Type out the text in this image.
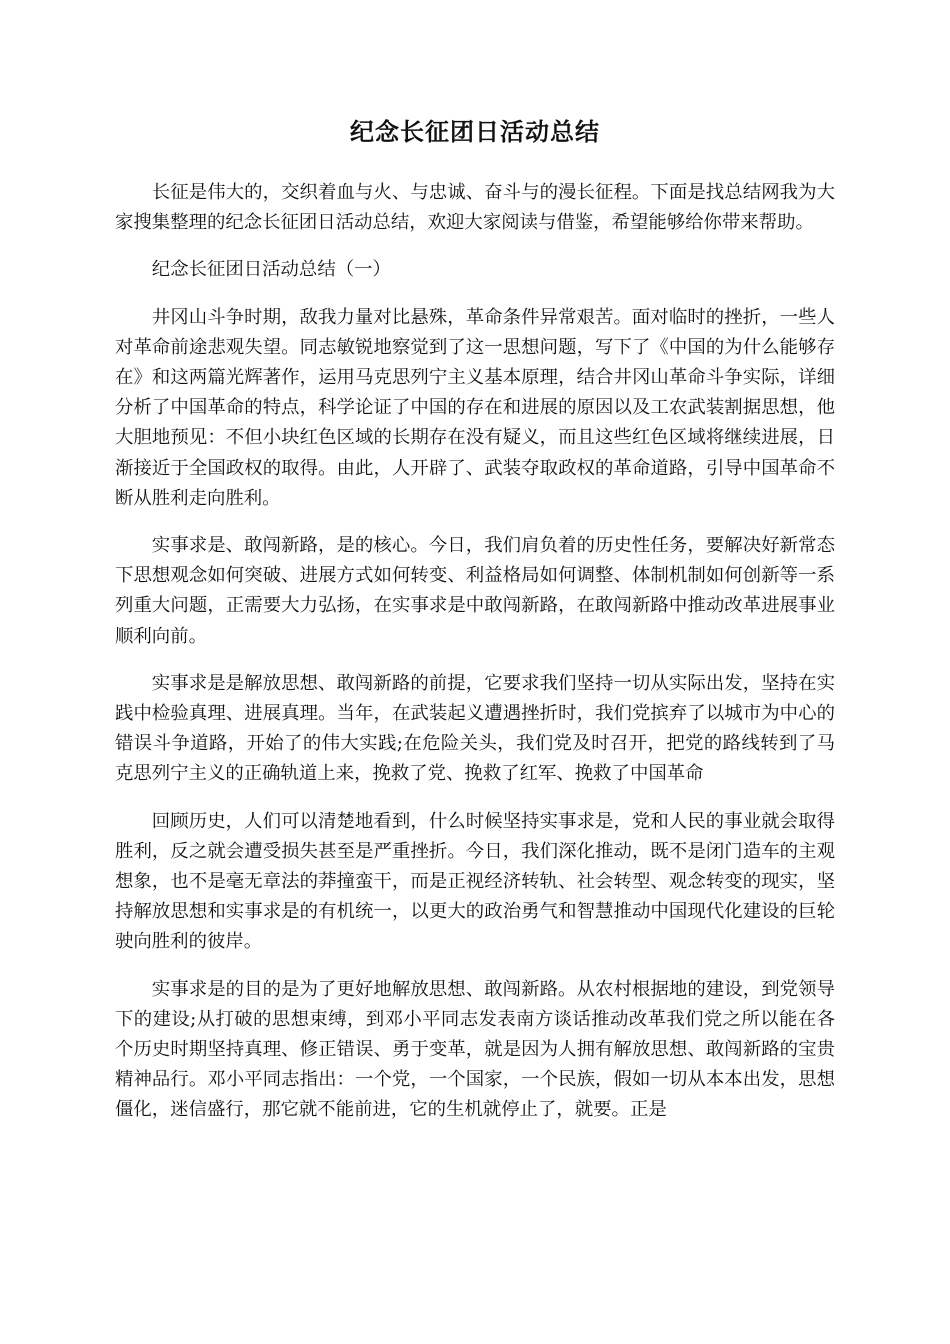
纪念长征团日活动总结

长征是伟大的，交织着血与火、与忠诚、奋斗与的漫长征程。下面是找总结网我为大家搜集整理的纪念长征团日活动总结，欢迎大家阅读与借鉴，希望能够给你带来帮助。

纪念长征团日活动总结（一）

井冈山斗争时期，敌我力量对比悬殊，革命条件异常艰苦。面对临时的挫折，一些人对革命前途悲观失望。同志敏锐地察觉到了这一思想问题，写下了《中国的为什么能够存在》和这两篇光辉著作，运用马克思列宁主义基本原理，结合井冈山革命斗争实际，详细分析了中国革命的特点，科学论证了中国的存在和进展的原因以及工农武装割据思想，他大胆地预见：不但小块红色区域的长期存在没有疑义，而且这些红色区域将继续进展，日渐接近于全国政权的取得。由此，人开辟了、武装夺取政权的革命道路，引导中国革命不断从胜利走向胜利。

实事求是、敢闯新路，是的核心。今日，我们肩负着的历史性任务，要解决好新常态下思想观念如何突破、进展方式如何转变、利益格局如何调整、体制机制如何创新等一系列重大问题，正需要大力弘扬，在实事求是中敢闯新路，在敢闯新路中推动改革进展事业顺利向前。

实事求是是解放思想、敢闯新路的前提，它要求我们坚持一切从实际出发，坚持在实践中检验真理、进展真理。当年，在武装起义遭遇挫折时，我们党摈弃了以城市为中心的错误斗争道路，开始了的伟大实践;在危险关头，我们党及时召开，把党的路线转到了马克思列宁主义的正确轨道上来，挽救了党、挽救了红军、挽救了中国革命

回顾历史，人们可以清楚地看到，什么时候坚持实事求是，党和人民的事业就会取得胜利，反之就会遭受损失甚至是严重挫折。今日，我们深化推动，既不是闭门造车的主观想象，也不是毫无章法的莽撞蛮干，而是正视经济转轨、社会转型、观念转变的现实，坚持解放思想和实事求是的有机统一，以更大的政治勇气和智慧推动中国现代化建设的巨轮驶向胜利的彼岸。

实事求是的目的是为了更好地解放思想、敢闯新路。从农村根据地的建设，到党领导下的建设;从打破的思想束缚，到邓小平同志发表南方谈话推动改革我们党之所以能在各个历史时期坚持真理、修正错误、勇于变革，就是因为人拥有解放思想、敢闯新路的宝贵精神品行。邓小平同志指出：一个党，一个国家，一个民族，假如一切从本本出发，思想僵化，迷信盛行，那它就不能前进，它的生机就停止了，就要。正是
